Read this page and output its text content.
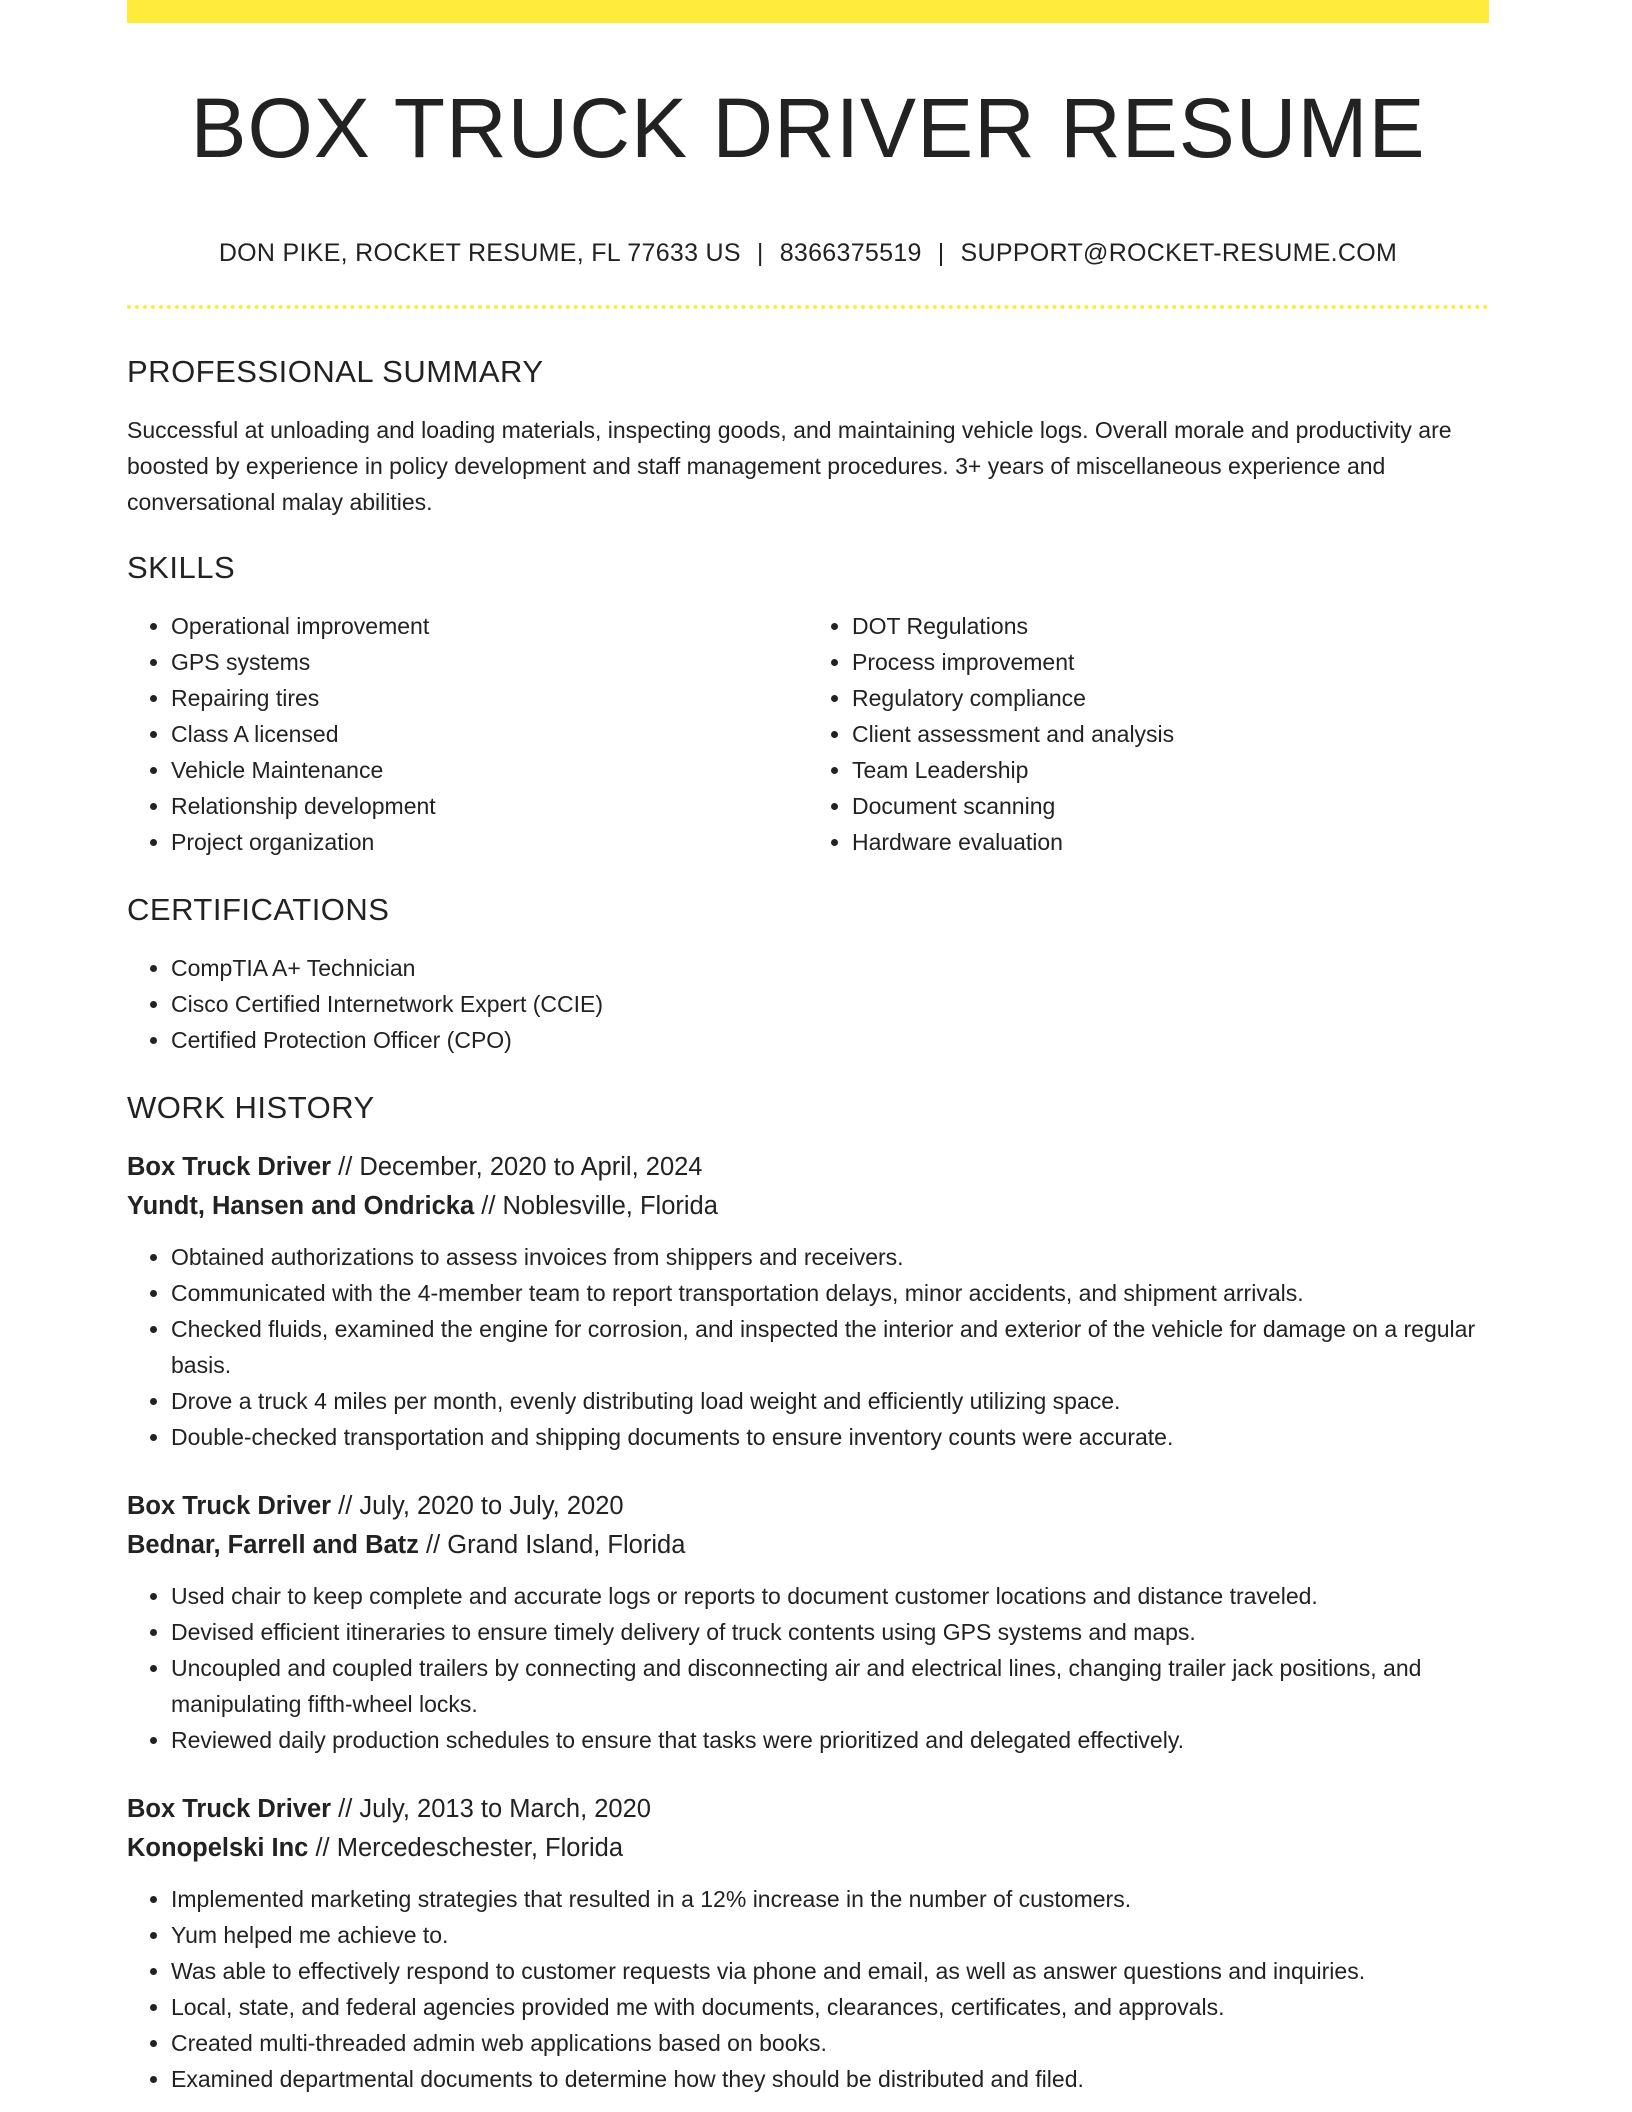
BOX TRUCK DRIVER RESUME
DON PIKE, ROCKET RESUME, FL 77633 US | 8366375519 | SUPPORT@ROCKET-RESUME.COM
PROFESSIONAL SUMMARY

Successful at unloading and loading materials, inspecting goods, and maintaining vehicle logs. Overall morale and productivity are boosted by experience in policy development and staff management procedures. 3+ years of miscellaneous experience and conversational malay abilities.

SKILLS
• Operational improvement
• GPS systems
• Repairing tires
• Class A licensed
• Vehicle Maintenance
• Relationship development
• Project organization
• DOT Regulations
• Process improvement
• Regulatory compliance
• Client assessment and analysis
• Team Leadership
• Document scanning
• Hardware evaluation
CERTIFICATIONS
• CompTIA A+ Technician
• Cisco Certified Internetwork Expert (CCIE)
• Certified Protection Officer (CPO)
WORK HISTORY
Box Truck Driver // December, 2020 to April, 2024
Yundt, Hansen and Ondricka // Noblesville, Florida
• Obtained authorizations to assess invoices from shippers and receivers.
• Communicated with the 4-member team to report transportation delays, minor accidents, and shipment arrivals.
• Checked fluids, examined the engine for corrosion, and inspected the interior and exterior of the vehicle for damage on a regular basis.
• Drove a truck 4 miles per month, evenly distributing load weight and efficiently utilizing space.
• Double-checked transportation and shipping documents to ensure inventory counts were accurate.
Box Truck Driver // July, 2020 to July, 2020
Bednar, Farrell and Batz // Grand Island, Florida
• Used chair to keep complete and accurate logs or reports to document customer locations and distance traveled.
• Devised efficient itineraries to ensure timely delivery of truck contents using GPS systems and maps.
• Uncoupled and coupled trailers by connecting and disconnecting air and electrical lines, changing trailer jack positions, and manipulating fifth-wheel locks.
• Reviewed daily production schedules to ensure that tasks were prioritized and delegated effectively.
Box Truck Driver // July, 2013 to March, 2020
Konopelski Inc // Mercedeschester, Florida
• Implemented marketing strategies that resulted in a 12% increase in the number of customers.
• Yum helped me achieve to.
• Was able to effectively respond to customer requests via phone and email, as well as answer questions and inquiries.
• Local, state, and federal agencies provided me with documents, clearances, certificates, and approvals.
• Created multi-threaded admin web applications based on books.
• Examined departmental documents to determine how they should be distributed and filed.
